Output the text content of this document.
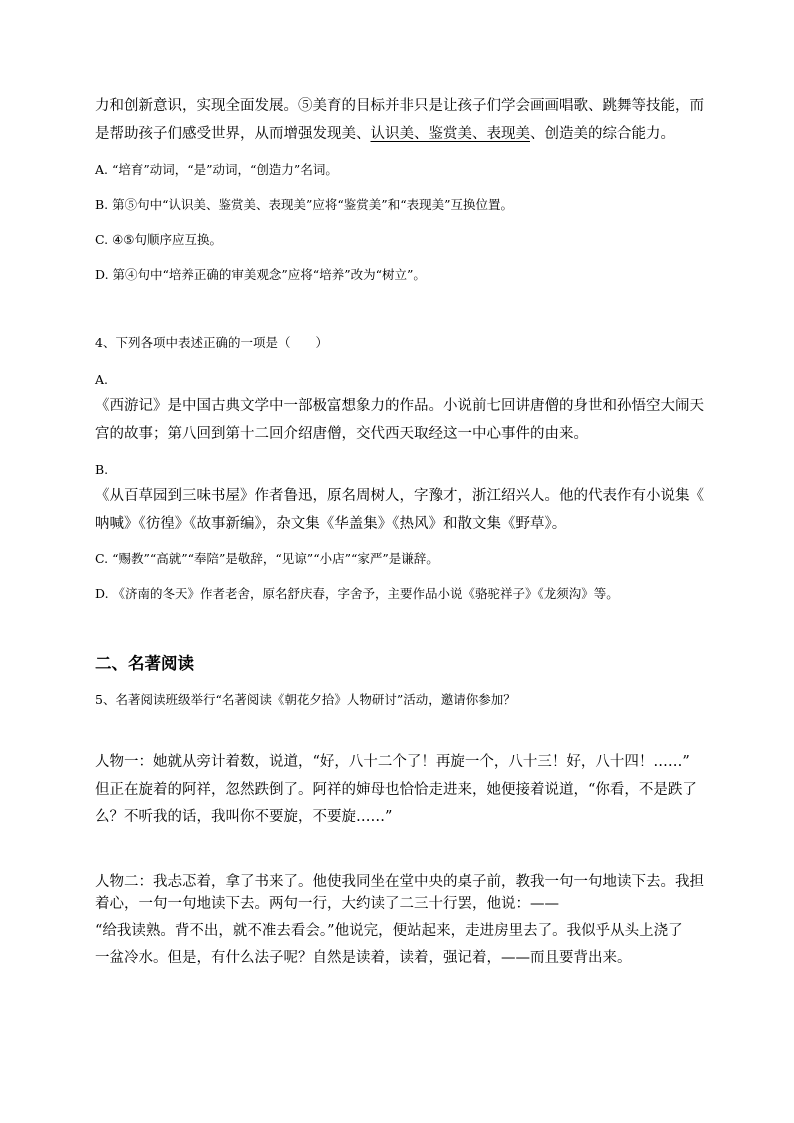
力和创新意识，实现全面发展。⑤美育的目标并非只是让孩子们学会画画唱歌、跳舞等技能，而
是帮助孩子们感受世界，从而增强发现美、认识美、鉴赏美、表现美、创造美的综合能力。
A. “培育”动词，“是”动词，“创造力”名词。
B. 第⑤句中“认识美、鉴赏美、表现美”应将“鉴赏美”和“表现美”互换位置。
C. ④⑤句顺序应互换。
D. 第④句中“培养正确的审美观念”应将“培养”改为“树立”。
4、下列各项中表述正确的一项是（　　）
A.
《西游记》是中国古典文学中一部极富想象力的作品。小说前七回讲唐僧的身世和孙悟空大闹天
宫的故事；第八回到第十二回介绍唐僧，交代西天取经这一中心事件的由来。
B.
《从百草园到三味书屋》作者鲁迅，原名周树人，字豫才，浙江绍兴人。他的代表作有小说集《
呐喊》《彷徨》《故事新编》，杂文集《华盖集》《热风》和散文集《野草》。
C. “赐教”“高就”“奉陪”是敬辞，“见谅”“小店”“家严”是谦辞。
D. 《济南的冬天》作者老舍，原名舒庆春，字舍予，主要作品小说《骆驼祥子》《龙须沟》等。
二、名著阅读
5、名著阅读班级举行“名著阅读《朝花夕拾》人物研讨”活动，邀请你参加？
人物一：她就从旁计着数，说道，“好，八十二个了！再旋一个，八十三！好，八十四！……”
但正在旋着的阿祥，忽然跌倒了。阿祥的婶母也恰恰走进来，她便接着说道，“你看，不是跌了
么？不听我的话，我叫你不要旋，不要旋……”
人物二：我忐忑着，拿了书来了。他使我同坐在堂中央的桌子前，教我一句一句地读下去。我担
着心，一句一句地读下去。两句一行，大约读了二三十行罢，他说：——
“给我读熟。背不出，就不准去看会。”他说完，便站起来，走进房里去了。我似乎从头上浇了
一盆冷水。但是，有什么法子呢？自然是读着，读着，强记着，——而且要背出来。
